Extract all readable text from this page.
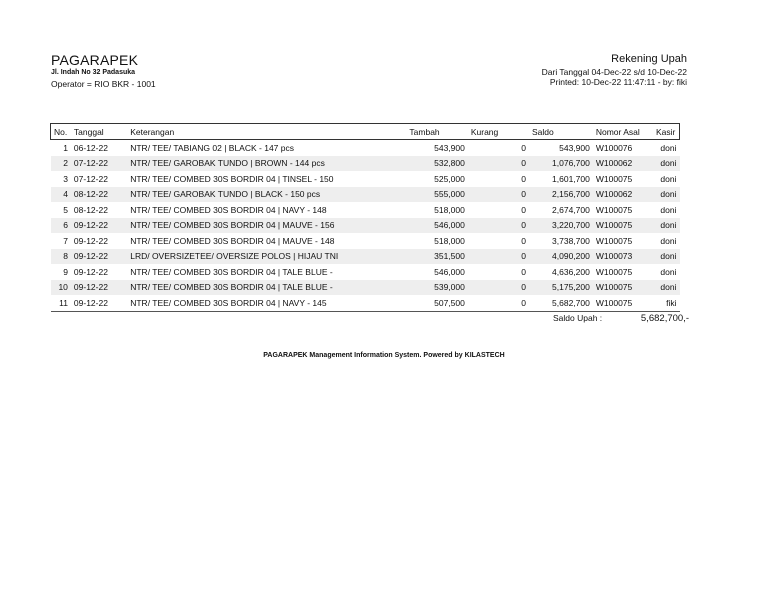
PAGARAPEK
Jl. Indah No 32 Padasuka
Operator = RIO BKR - 1001
Rekening Upah
Dari Tanggal 04-Dec-22 s/d 10-Dec-22
Printed: 10-Dec-22 11:47:11 - by: fiki
No.	Tanggal	Keterangan	Tambah	Kurang	Saldo	Nomor Asal	Kasir
1	06-12-22	NTR/ TEE/ TABIANG 02 | BLACK - 147 pcs	543,900	0	543,900	W100076	doni
2	07-12-22	NTR/ TEE/ GAROBAK TUNDO | BROWN - 144 pcs	532,800	0	1,076,700	W100062	doni
3	07-12-22	NTR/ TEE/ COMBED 30S BORDIR 04 | TINSEL - 150	525,000	0	1,601,700	W100075	doni
4	08-12-22	NTR/ TEE/ GAROBAK TUNDO | BLACK - 150 pcs	555,000	0	2,156,700	W100062	doni
5	08-12-22	NTR/ TEE/ COMBED 30S BORDIR 04 | NAVY - 148	518,000	0	2,674,700	W100075	doni
6	09-12-22	NTR/ TEE/ COMBED 30S BORDIR 04 | MAUVE - 156	546,000	0	3,220,700	W100075	doni
7	09-12-22	NTR/ TEE/ COMBED 30S BORDIR 04 | MAUVE - 148	518,000	0	3,738,700	W100075	doni
8	09-12-22	LRD/ OVERSIZETEE/ OVERSIZE POLOS | HIJAU TNI	351,500	0	4,090,200	W100073	doni
9	09-12-22	NTR/ TEE/ COMBED 30S BORDIR 04 | TALE BLUE -	546,000	0	4,636,200	W100075	doni
10	09-12-22	NTR/ TEE/ COMBED 30S BORDIR 04 | TALE BLUE -	539,000	0	5,175,200	W100075	doni
11	09-12-22	NTR/ TEE/ COMBED 30S BORDIR 04 | NAVY - 145	507,500	0	5,682,700	W100075	fiki
Saldo Upah :	5,682,700,-
PAGARAPEK Management Information System. Powered by KILASTECH
